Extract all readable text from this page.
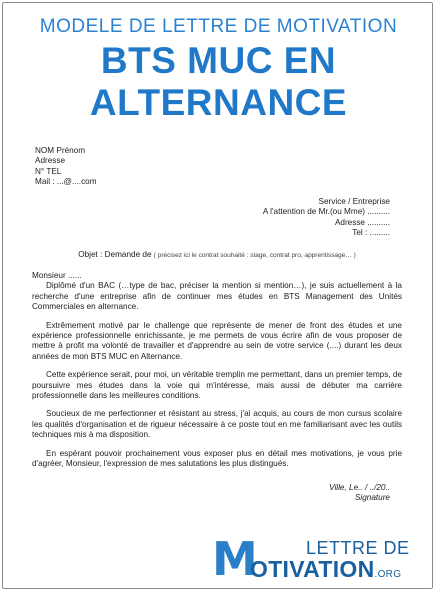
MODELE DE LETTRE DE MOTIVATION
BTS MUC EN
ALTERNANCE
NOM Prénom
Adresse
N° TEL
Mail : ...@....com
Service / Entreprise
A l'attention de Mr.(ou Mme) ..........
Adresse ..........
Tel : .........
Objet : Demande de ( précisez ici le contrat souhaité : stage, contrat pro, apprentissage… )

Monsieur ......

Diplômé d'un BAC (…type de bac, préciser la mention si mention…), je suis actuellement à la recherche d'une entreprise afin de continuer mes études en BTS Management des Unités Commerciales en alternance.

Extrêmement motivé par le challenge que représente de mener de front des études et une expérience professionnelle enrichissante, je me permets de vous écrire afin de vous proposer de mettre à profit ma volonté de travailler et d'apprendre au sein de votre service (....) durant les deux années de mon BTS MUC en Alternance.

Cette expérience serait, pour moi, un véritable tremplin me permettant, dans un premier temps, de poursuivre mes études dans la voie qui m'intéresse, mais aussi de débuter ma carrière professionnelle dans les meilleures conditions.

Soucieux de me perfectionner et résistant au stress, j'ai acquis, au cours de mon cursus scolaire les qualités d'organisation et de rigueur nécessaire à ce poste tout en me familiarisant avec les outils techniques mis à ma disposition.

En espérant pouvoir prochainement vous exposer plus en détail mes motivations, je vous prie d'agréer, Monsieur, l'expression de mes salutations les plus distingués.

Ville, Le.. / ../20..
Signature
M	LETTRE DE
OTIVATION.ORG
